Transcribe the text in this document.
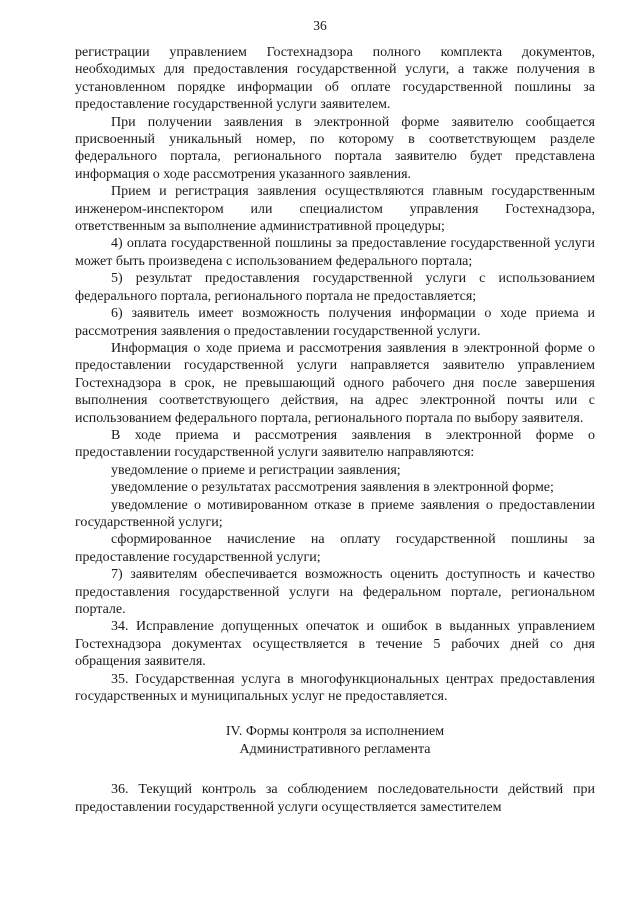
36

регистрации управлением Гостехнадзора полного комплекта документов, необходимых для предоставления государственной услуги, а также получения в установленном порядке информации об оплате государственной пошлины за предоставление государственной услуги заявителем.

При получении заявления в электронной форме заявителю сообщается присвоенный уникальный номер, по которому в соответствующем разделе федерального портала, регионального портала заявителю будет представлена информация о ходе рассмотрения указанного заявления.

Прием и регистрация заявления осуществляются главным государственным инженером-инспектором или специалистом управления Гостехнадзора, ответственным за выполнение административной процедуры;

4) оплата государственной пошлины за предоставление государственной услуги может быть произведена с использованием федерального портала;

5) результат предоставления государственной услуги с использованием федерального портала, регионального портала не предоставляется;

6) заявитель имеет возможность получения информации о ходе приема и рассмотрения заявления о предоставлении государственной услуги.

Информация о ходе приема и рассмотрения заявления в электронной форме о предоставлении государственной услуги направляется заявителю управлением Гостехнадзора в срок, не превышающий одного рабочего дня после завершения выполнения соответствующего действия, на адрес электронной почты или с использованием федерального портала, регионального портала по выбору заявителя.

В ходе приема и рассмотрения заявления в электронной форме о предоставлении государственной услуги заявителю направляются:

уведомление о приеме и регистрации заявления;

уведомление о результатах рассмотрения заявления в электронной форме;

уведомление о мотивированном отказе в приеме заявления о предоставлении государственной услуги;

сформированное начисление на оплату государственной пошлины за предоставление государственной услуги;

7) заявителям обеспечивается возможность оценить доступность и качество предоставления государственной услуги на федеральном портале, региональном портале.

34. Исправление допущенных опечаток и ошибок в выданных управлением Гостехнадзора документах осуществляется в течение 5 рабочих дней со дня обращения заявителя.

35. Государственная услуга в многофункциональных центрах предоставления государственных и муниципальных услуг не предоставляется.

IV. Формы контроля за исполнением
Административного регламента

36. Текущий контроль за соблюдением последовательности действий при предоставлении государственной услуги осуществляется заместителем
